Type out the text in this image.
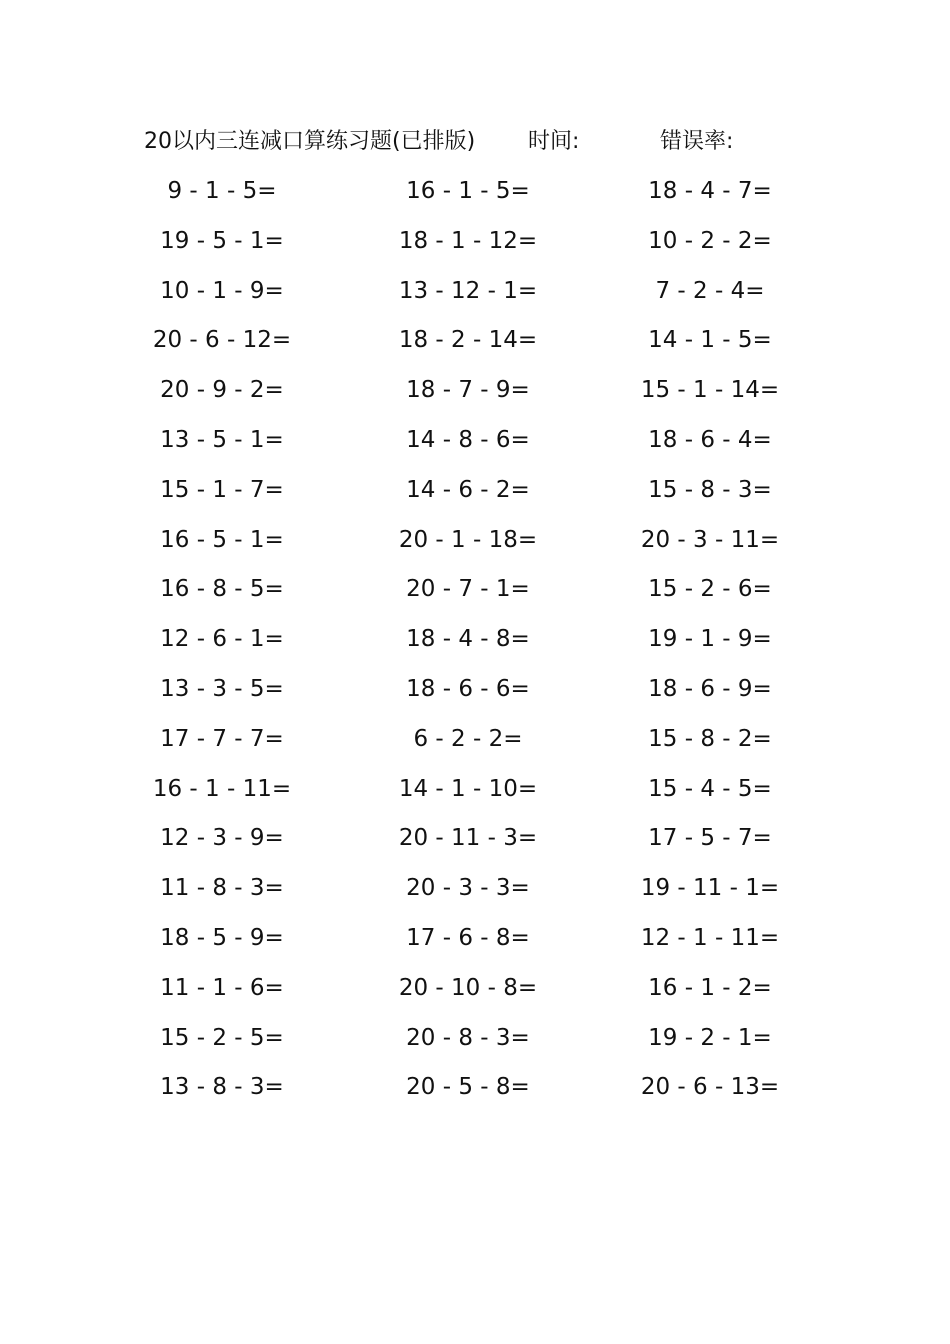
20以内三连减口算练习题(已排版) 时间:	错误率:
9 - 1 - 5=	16 - 1 - 5=	18 - 4 - 7=
19 - 5 - 1=	18 - 1 - 12=	10 - 2 - 2=
10 - 1 - 9=	13 - 12 - 1=	7 - 2 - 4=
20 - 6 - 12=	18 - 2 - 14=	14 - 1 - 5=
20 - 9 - 2=	18 - 7 - 9=	15 - 1 - 14=
13 - 5 - 1=	14 - 8 - 6=	18 - 6 - 4=
15 - 1 - 7=	14 - 6 - 2=	15 - 8 - 3=
16 - 5 - 1=	20 - 1 - 18=	20 - 3 - 11=
16 - 8 - 5=	20 - 7 - 1=	15 - 2 - 6=
12 - 6 - 1=	18 - 4 - 8=	19 - 1 - 9=
13 - 3 - 5=	18 - 6 - 6=	18 - 6 - 9=
17 - 7 - 7=	6 - 2 - 2=	15 - 8 - 2=
16 - 1 - 11=	14 - 1 - 10=	15 - 4 - 5=
12 - 3 - 9=	20 - 11 - 3=	17 - 5 - 7=
11 - 8 - 3=	20 - 3 - 3=	19 - 11 - 1=
18 - 5 - 9=	17 - 6 - 8=	12 - 1 - 11=
11 - 1 - 6=	20 - 10 - 8=	16 - 1 - 2=
15 - 2 - 5=	20 - 8 - 3=	19 - 2 - 1=
13 - 8 - 3=	20 - 5 - 8=	20 - 6 - 13=
